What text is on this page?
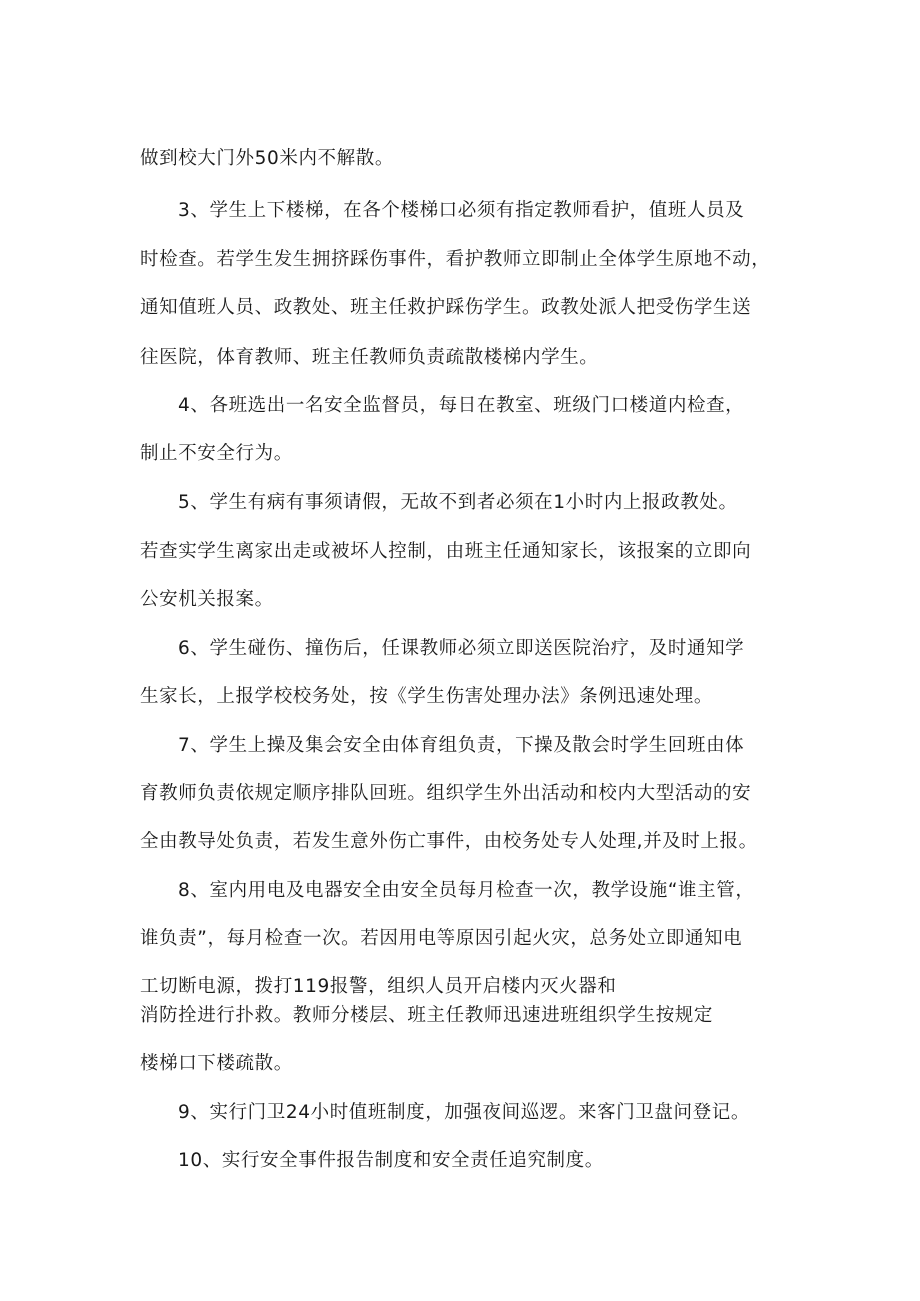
做到校大门外50米内不解散。
3、学生上下楼梯，在各个楼梯口必须有指定教师看护，值班人员及
时检查。若学生发生拥挤踩伤事件，看护教师立即制止全体学生原地不动，
通知值班人员、政教处、班主任救护踩伤学生。政教处派人把受伤学生送
往医院，体育教师、班主任教师负责疏散楼梯内学生。
4、各班选出一名安全监督员，每日在教室、班级门口楼道内检查，
制止不安全行为。
5、学生有病有事须请假，无故不到者必须在1小时内上报政教处。
若查实学生离家出走或被坏人控制，由班主任通知家长，该报案的立即向
公安机关报案。
6、学生碰伤、撞伤后，任课教师必须立即送医院治疗，及时通知学
生家长，上报学校校务处，按《学生伤害处理办法》条例迅速处理。
7、学生上操及集会安全由体育组负责，下操及散会时学生回班由体
育教师负责依规定顺序排队回班。组织学生外出活动和校内大型活动的安
全由教导处负责，若发生意外伤亡事件，由校务处专人处理,并及时上报。
8、室内用电及电器安全由安全员每月检查一次，教学设施“谁主管，
谁负责”，每月检查一次。若因用电等原因引起火灾，总务处立即通知电
工切断电源，拨打119报警，组织人员开启楼内灭火器和
消防拴进行扑救。教师分楼层、班主任教师迅速进班组织学生按规定
楼梯口下楼疏散。
9、实行门卫24小时值班制度，加强夜间巡逻。来客门卫盘问登记。
10、实行安全事件报告制度和安全责任追究制度。
